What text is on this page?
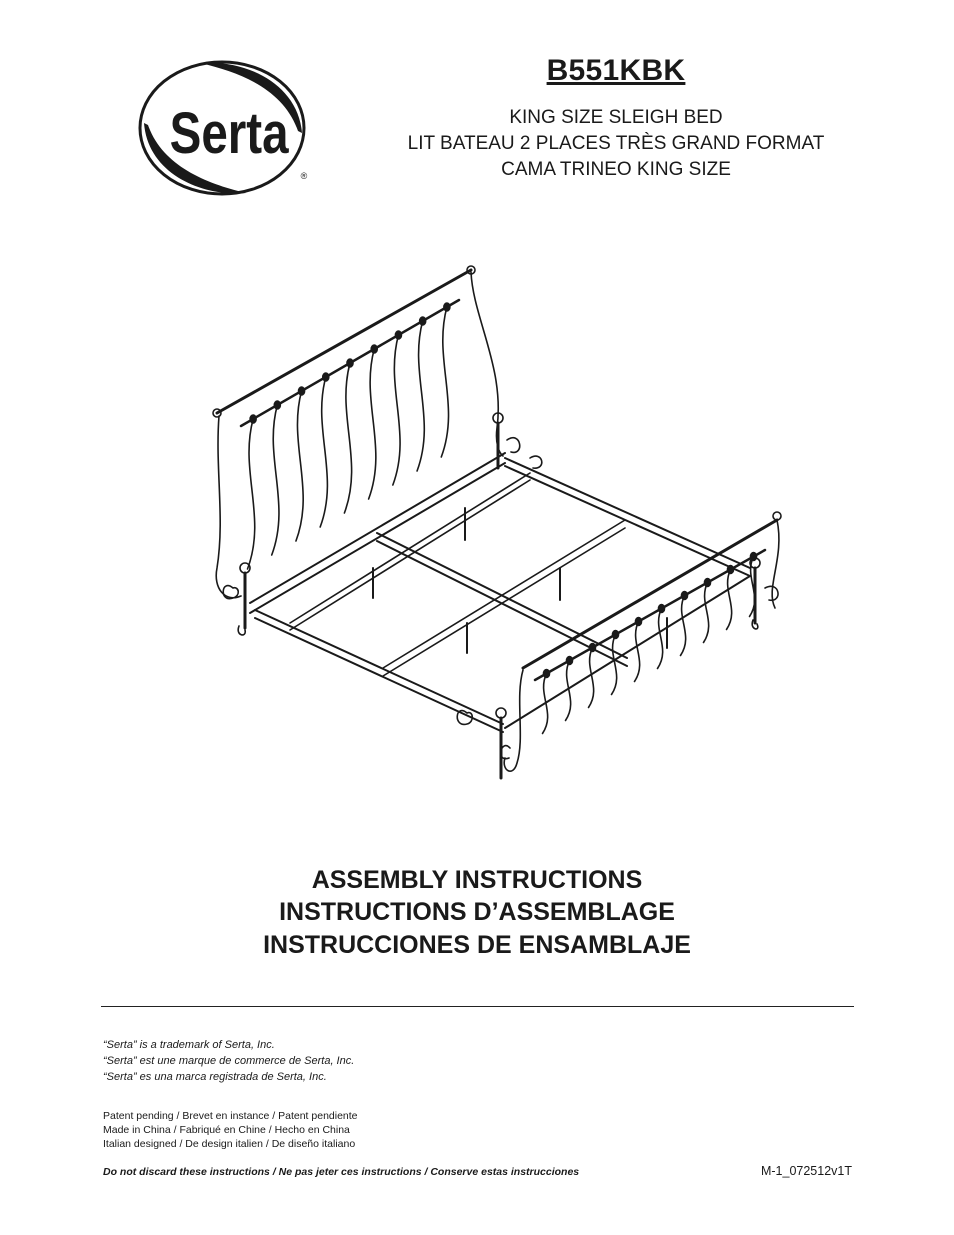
Serta
®
B551KBK
KING SIZE SLEIGH BED
LIT BATEAU 2 PLACES TRÈS GRAND FORMAT
CAMA TRINEO KING SIZE
ASSEMBLY INSTRUCTIONS
INSTRUCTIONS D’ASSEMBLAGE
INSTRUCCIONES DE ENSAMBLAJE
“Serta” is a trademark of Serta, Inc.
“Serta” est une marque de commerce de Serta, Inc.
“Serta” es una marca registrada de Serta, Inc.
Patent pending / Brevet en instance / Patent pendiente
Made in China / Fabriqué en Chine / Hecho en China
Italian designed / De design italien / De diseño italiano
Do not discard these instructions / Ne pas jeter ces instructions / Conserve estas instrucciones	M-1_072512v1T
